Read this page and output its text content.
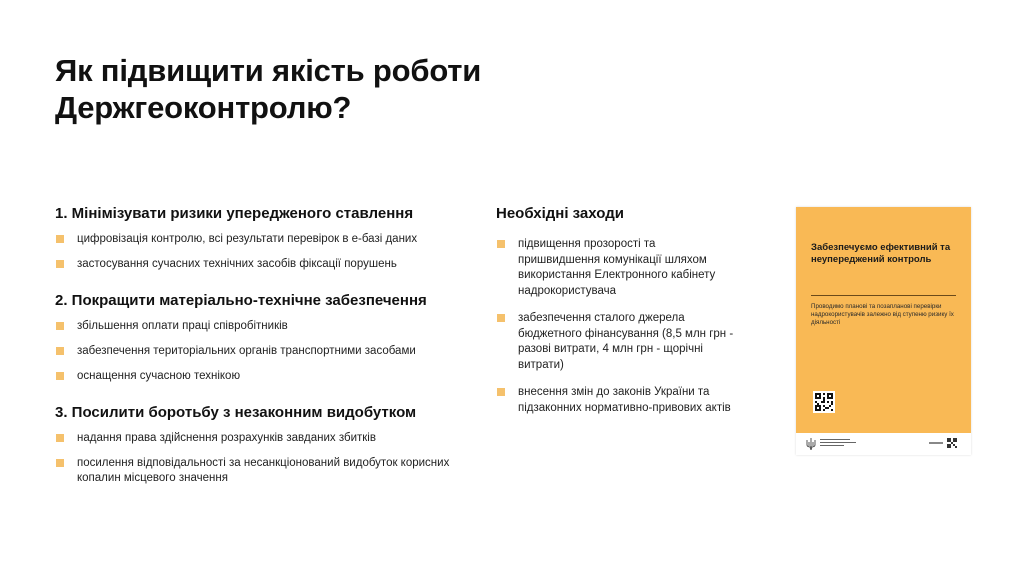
Як підвищити якість роботи
Держгеоконтролю?
1. Мінімізувати ризики упередженого ставлення
цифровізація контролю, всі результати перевірок в е-базі даних
застосування сучасних технічних засобів фіксації порушень
2. Покращити матеріально-технічне забезпечення
збільшення оплати праці співробітників
забезпечення територіальних органів транспортними засобами
оснащення сучасною технікою
3. Посилити боротьбу з незаконним видобутком
надання права здійснення розрахунків завданих збитків
посилення відповідальності за несанкціонований видобуток корисних копалин місцевого значення
Необхідні заходи
підвищення прозорості та пришвидшення комунікації шляхом використання Електронного кабінету надрокористувача
забезпечення сталого джерела бюджетного фінансування (8,5 млн грн - разові витрати, 4 млн грн - щорічні витрати)
внесення змін до законів України та підзаконних нормативно-привових актів
Забезпечуємо ефективний та неупереджений контроль
Проводимо планові та позапланові перевірки надрокористувачів залежно від ступеню ризику їх діяльності
